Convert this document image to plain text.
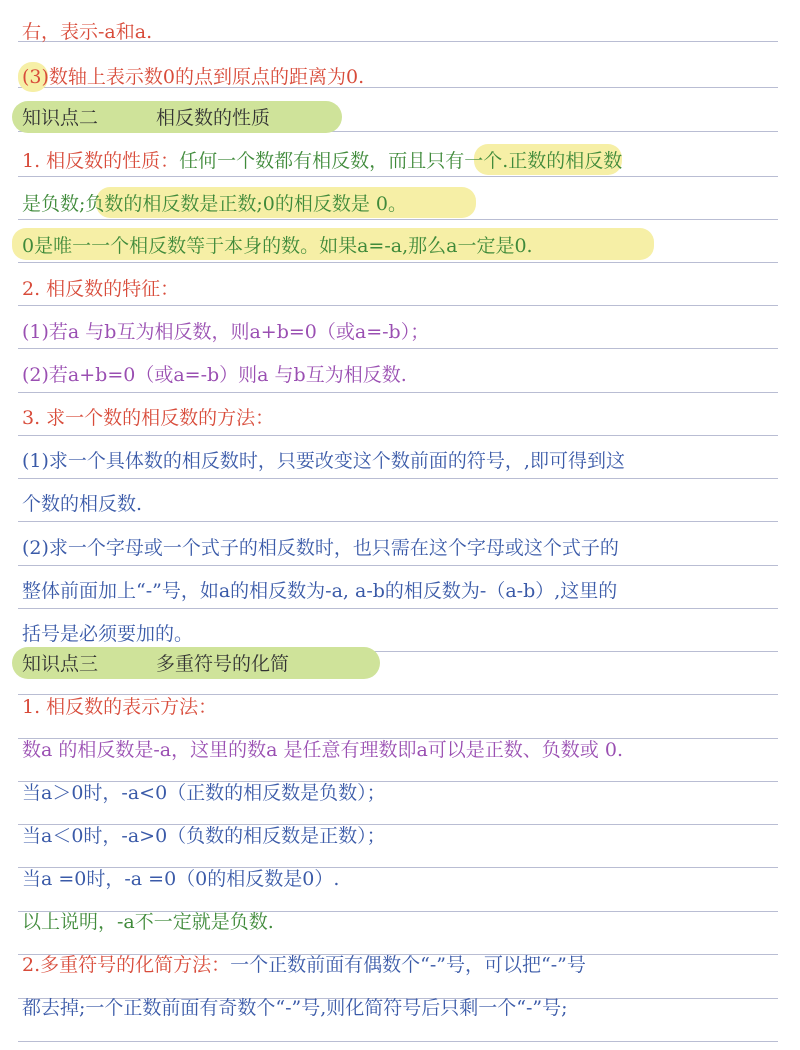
右，表示-a和a.
(3)数轴上表示数0的点到原点的距离为0.
知识点二	相反数的性质
1. 相反数的性质：任何一个数都有相反数，而且只有一个.正数的相反数
是负数;负数的相反数是正数;0的相反数是 0。
0是唯一一个相反数等于本身的数。如果a=-a,那么a一定是0.
2. 相反数的特征：
(1)若a 与b互为相反数，则a+b=0（或a=-b）；
(2)若a+b=0（或a=-b）则a 与b互为相反数.
3. 求一个数的相反数的方法：
(1)求一个具体数的相反数时，只要改变这个数前面的符号，,即可得到这
个数的相反数.
(2)求一个字母或一个式子的相反数时，也只需在这个字母或这个式子的
整体前面加上“-”号，如a的相反数为-a, a-b的相反数为-（a-b）,这里的
括号是必须要加的。
知识点三	多重符号的化简
1. 相反数的表示方法：
数a 的相反数是-a，这里的数a 是任意有理数即a可以是正数、负数或 0.
当a＞0时，-a<0（正数的相反数是负数）；
当a＜0时，-a>0（负数的相反数是正数）；
当a =0时，-a =0（0的相反数是0）.
以上说明，-a不一定就是负数.
2.多重符号的化简方法：一个正数前面有偶数个“-”号，可以把“-”号
都去掉;一个正数前面有奇数个“-”号,则化简符号后只剩一个“-”号;
